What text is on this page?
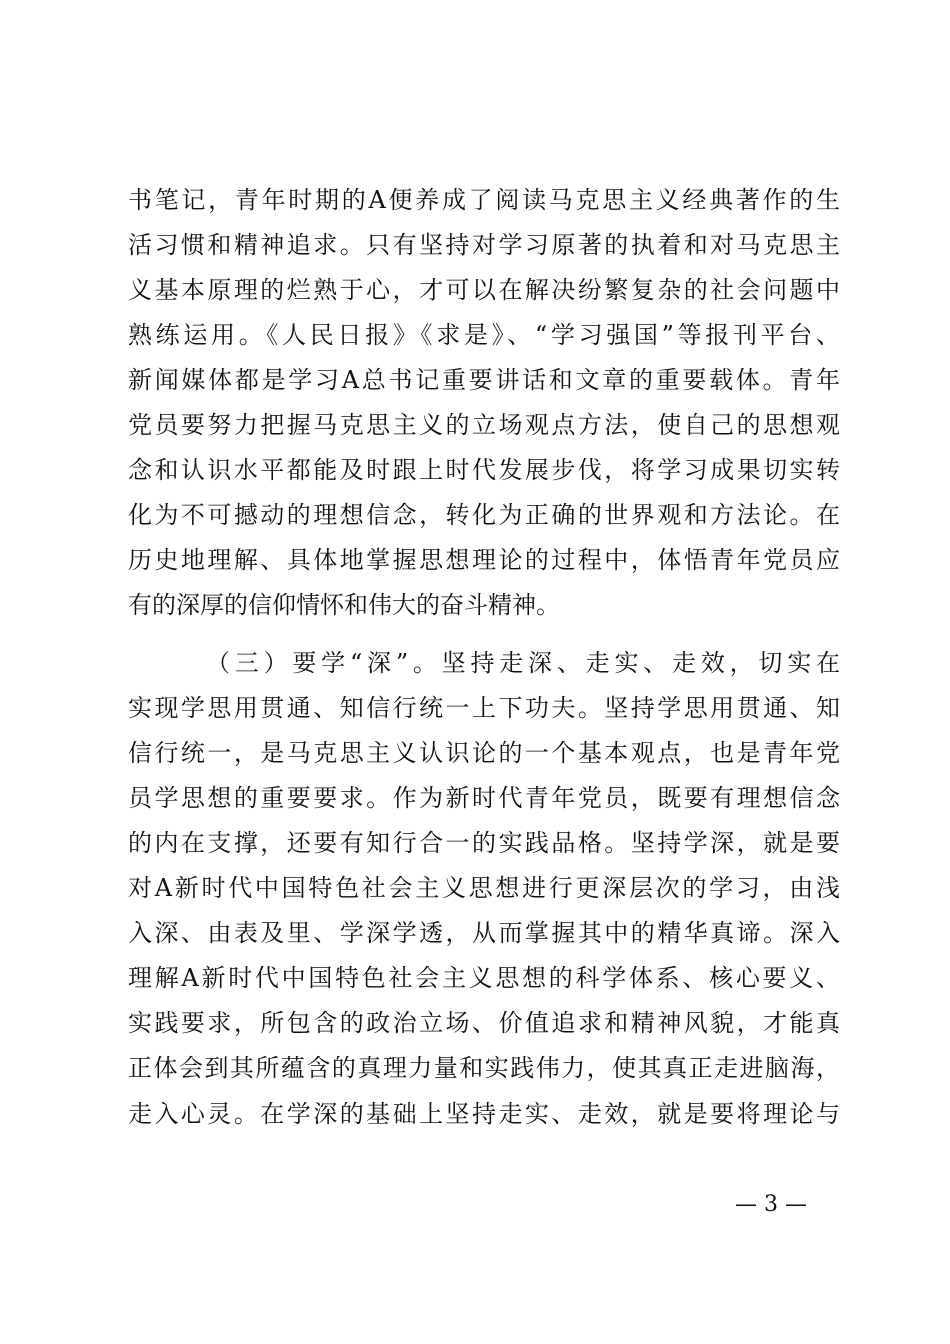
书笔记，青年时期的A便养成了阅读马克思主义经典著作的生
活习惯和精神追求。只有坚持对学习原著的执着和对马克思主
义基本原理的烂熟于心，才可以在解决纷繁复杂的社会问题中
熟练运用。《人民日报》《求是》、“学习强国”等报刊平台、
新闻媒体都是学习A总书记重要讲话和文章的重要载体。青年
党员要努力把握马克思主义的立场观点方法，使自己的思想观
念和认识水平都能及时跟上时代发展步伐，将学习成果切实转
化为不可撼动的理想信念，转化为正确的世界观和方法论。在
历史地理解、具体地掌握思想理论的过程中，体悟青年党员应
有的深厚的信仰情怀和伟大的奋斗精神。
（三）要学“深”。坚持走深、走实、走效，切实在
实现学思用贯通、知信行统一上下功夫。坚持学思用贯通、知
信行统一，是马克思主义认识论的一个基本观点，也是青年党
员学思想的重要要求。作为新时代青年党员，既要有理想信念
的内在支撑，还要有知行合一的实践品格。坚持学深，就是要
对A新时代中国特色社会主义思想进行更深层次的学习，由浅
入深、由表及里、学深学透，从而掌握其中的精华真谛。深入
理解A新时代中国特色社会主义思想的科学体系、核心要义、
实践要求，所包含的政治立场、价值追求和精神风貌，才能真
正体会到其所蕴含的真理力量和实践伟力，使其真正走进脑海，
走入心灵。在学深的基础上坚持走实、走效，就是要将理论与
— 3 —
